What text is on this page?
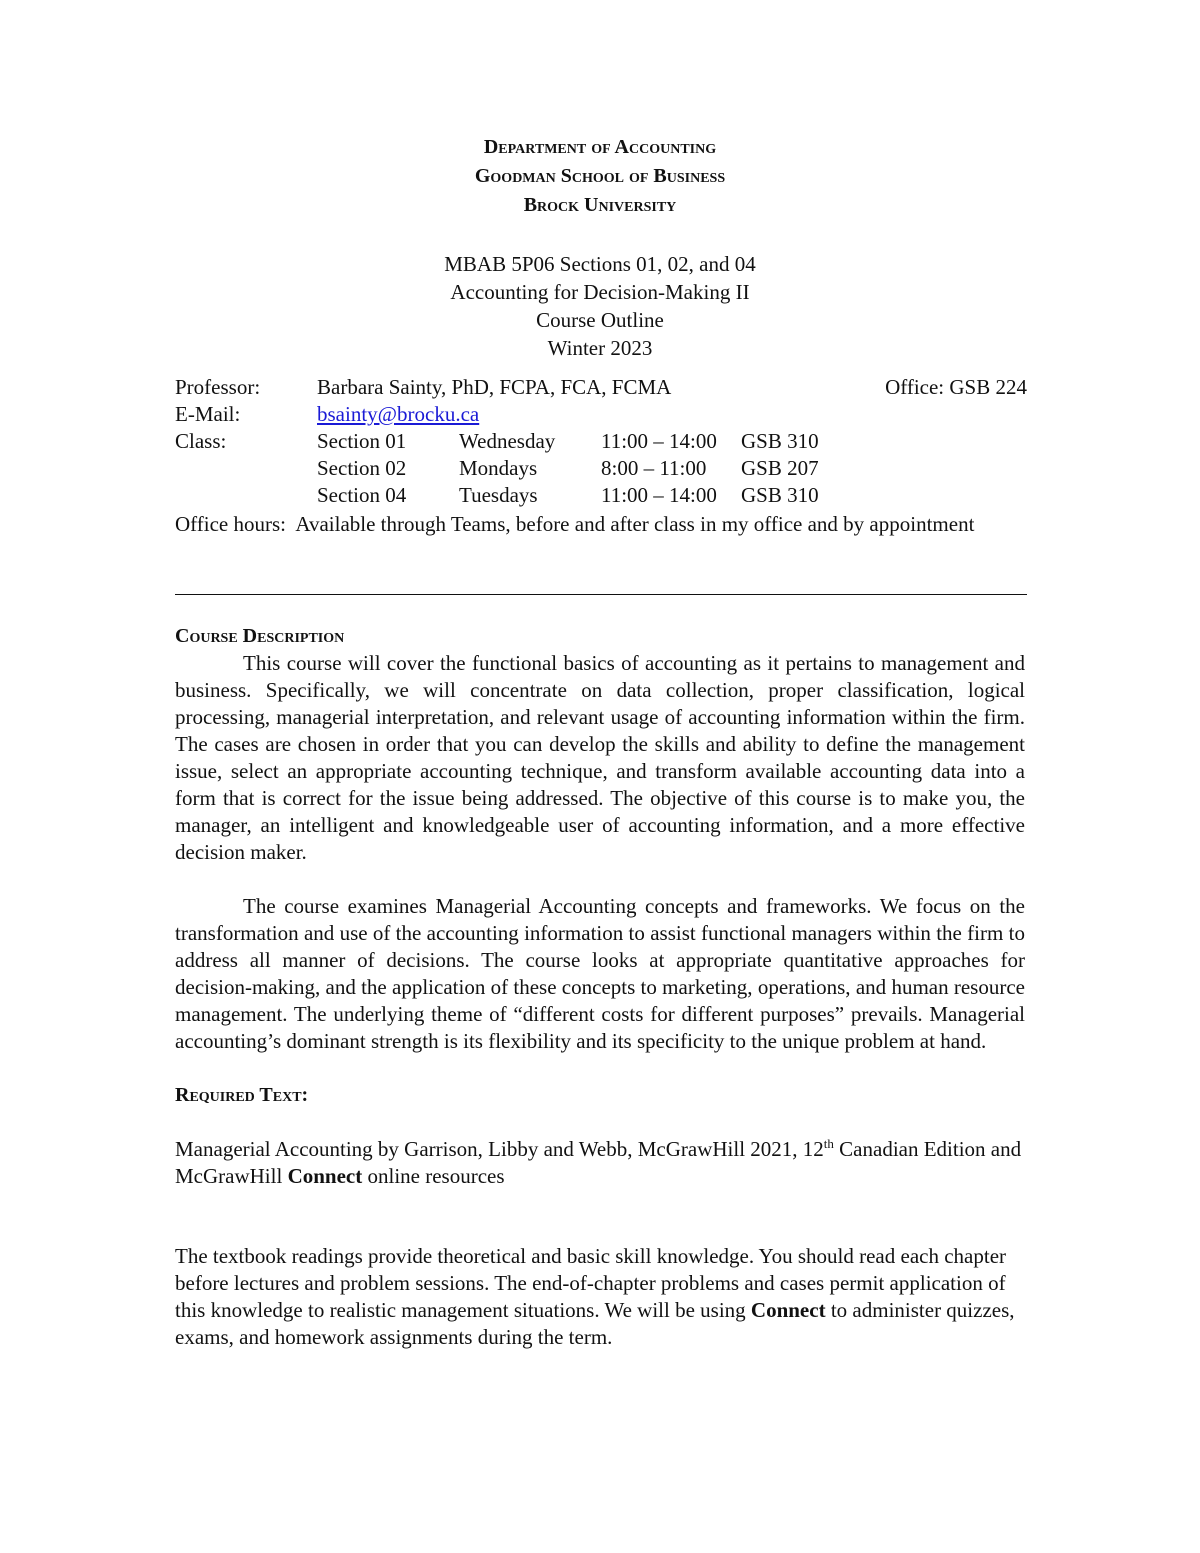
Department of Accounting
Goodman School of Business
Brock University
MBAB 5P06 Sections 01, 02, and 04
Accounting for Decision-Making II
Course Outline
Winter 2023
Professor:	Barbara Sainty, PhD, FCPA, FCA, FCMA	Office: GSB 224
E-Mail:	bsainty@brocku.ca
Class:	Section 01	Wednesday 11:00 – 14:00 GSB 310
Section 02	Mondays	8:00 – 11:00 GSB 207
Section 04	Tuesdays	11:00 – 14:00 GSB 310
Office hours: Available through Teams, before and after class in my office and by appointment
Course Description

This course will cover the functional basics of accounting as it pertains to management and business. Specifically, we will concentrate on data collection, proper classification, logical processing, managerial interpretation, and relevant usage of accounting information within the firm. The cases are chosen in order that you can develop the skills and ability to define the management issue, select an appropriate accounting technique, and transform available accounting data into a form that is correct for the issue being addressed. The objective of this course is to make you, the manager, an intelligent and knowledgeable user of accounting information, and a more effective decision maker.

The course examines Managerial Accounting concepts and frameworks. We focus on the transformation and use of the accounting information to assist functional managers within the firm to address all manner of decisions. The course looks at appropriate quantitative approaches for decision-making, and the application of these concepts to marketing, operations, and human resource management. The underlying theme of “different costs for different purposes” prevails. Managerial accounting’s dominant strength is its flexibility and its specificity to the unique problem at hand.

Required Text:

Managerial Accounting by Garrison, Libby and Webb, McGrawHill 2021, 12th Canadian Edition and McGrawHill Connect online resources

The textbook readings provide theoretical and basic skill knowledge. You should read each chapter before lectures and problem sessions. The end-of-chapter problems and cases permit application of this knowledge to realistic management situations. We will be using Connect to administer quizzes, exams, and homework assignments during the term.
